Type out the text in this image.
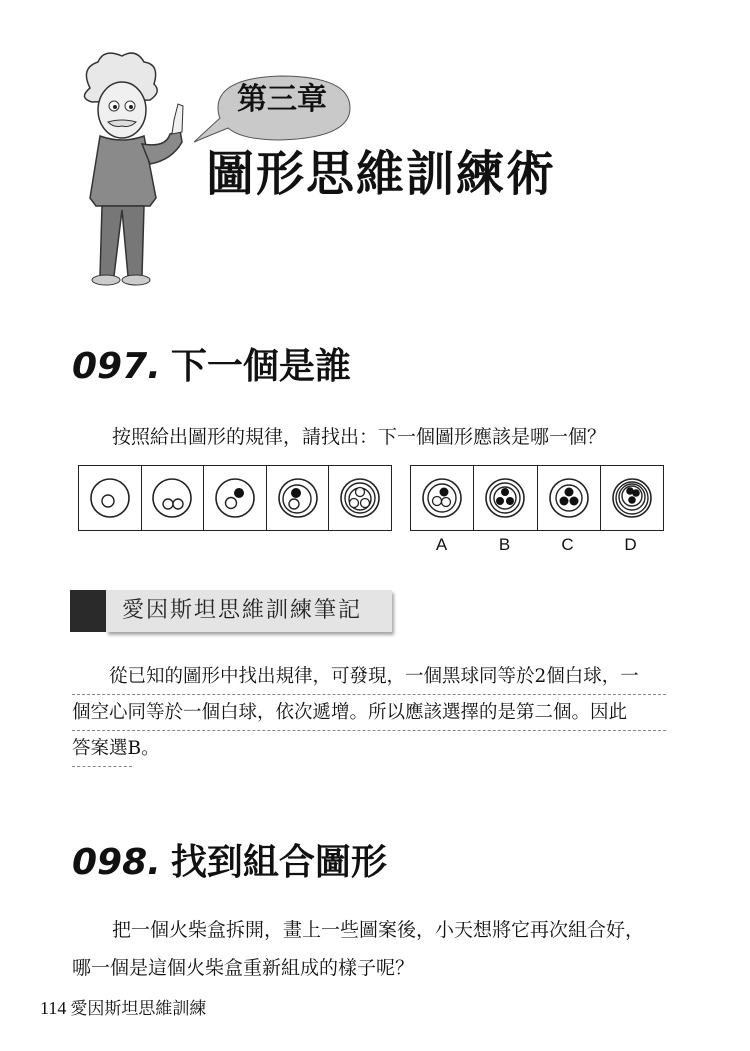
第三章
圖形思維訓練術
097. 下一個是誰
按照給出圖形的規律，請找出：下一個圖形應該是哪一個？
A	B	C	D
愛因斯坦思維訓練筆記
　　從已知的圖形中找出規律，可發現，一個黑球同等於2個白球，一
個空心同等於一個白球，依次遞增。所以應該選擇的是第二個。因此
答案選B。
098. 找到組合圖形
把一個火柴盒拆開，畫上一些圖案後，小天想將它再次組合好，
哪一個是這個火柴盒重新組成的樣子呢？
114 愛因斯坦思維訓練
